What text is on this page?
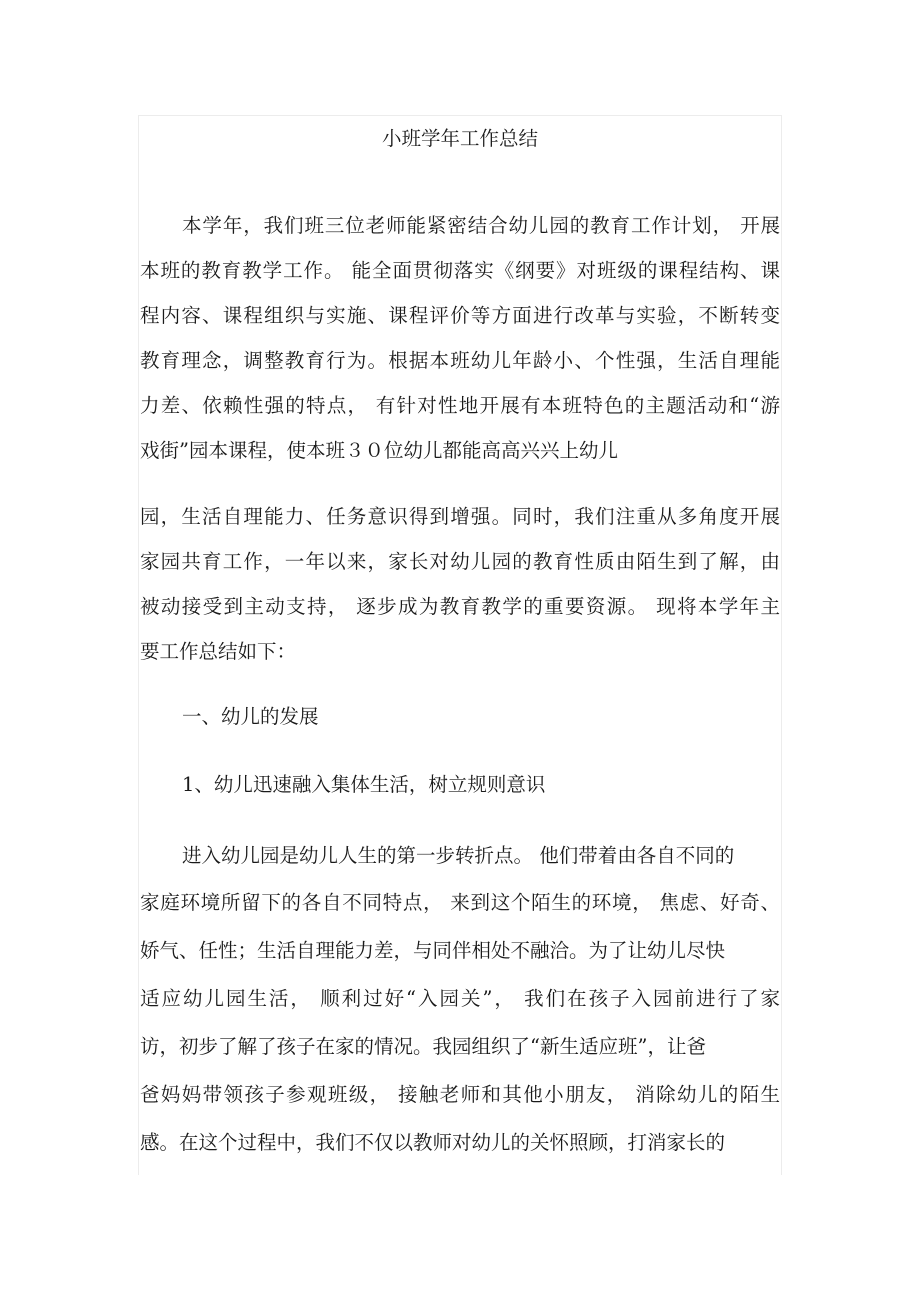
小班学年工作总结
本学年，我们班三位老师能紧密结合幼儿园的教育工作计划， 开展
本班的教育教学工作。 能全面贯彻落实《纲要》对班级的课程结构、课
程内容、课程组织与实施、课程评价等方面进行改革与实验，不断转变
教育理念，调整教育行为。根据本班幼儿年龄小、个性强，生活自理能
力差、依赖性强的特点， 有针对性地开展有本班特色的主题活动和“游
戏街”园本课程，使本班３０位幼儿都能高高兴兴上幼儿
园，生活自理能力、任务意识得到增强。同时，我们注重从多角度开展
家园共育工作，一年以来，家长对幼儿园的教育性质由陌生到了解，由
被动接受到主动支持， 逐步成为教育教学的重要资源。 现将本学年主
要工作总结如下：
一、幼儿的发展
1、幼儿迅速融入集体生活，树立规则意识
进入幼儿园是幼儿人生的第一步转折点。 他们带着由各自不同的
家庭环境所留下的各自不同特点， 来到这个陌生的环境， 焦虑、好奇、
娇气、任性；生活自理能力差，与同伴相处不融洽。为了让幼儿尽快
适应幼儿园生活， 顺利过好“入园关”， 我们在孩子入园前进行了家
访，初步了解了孩子在家的情况。我园组织了“新生适应班”，让爸
爸妈妈带领孩子参观班级， 接触老师和其他小朋友， 消除幼儿的陌生
感。在这个过程中，我们不仅以教师对幼儿的关怀照顾，打消家长的
